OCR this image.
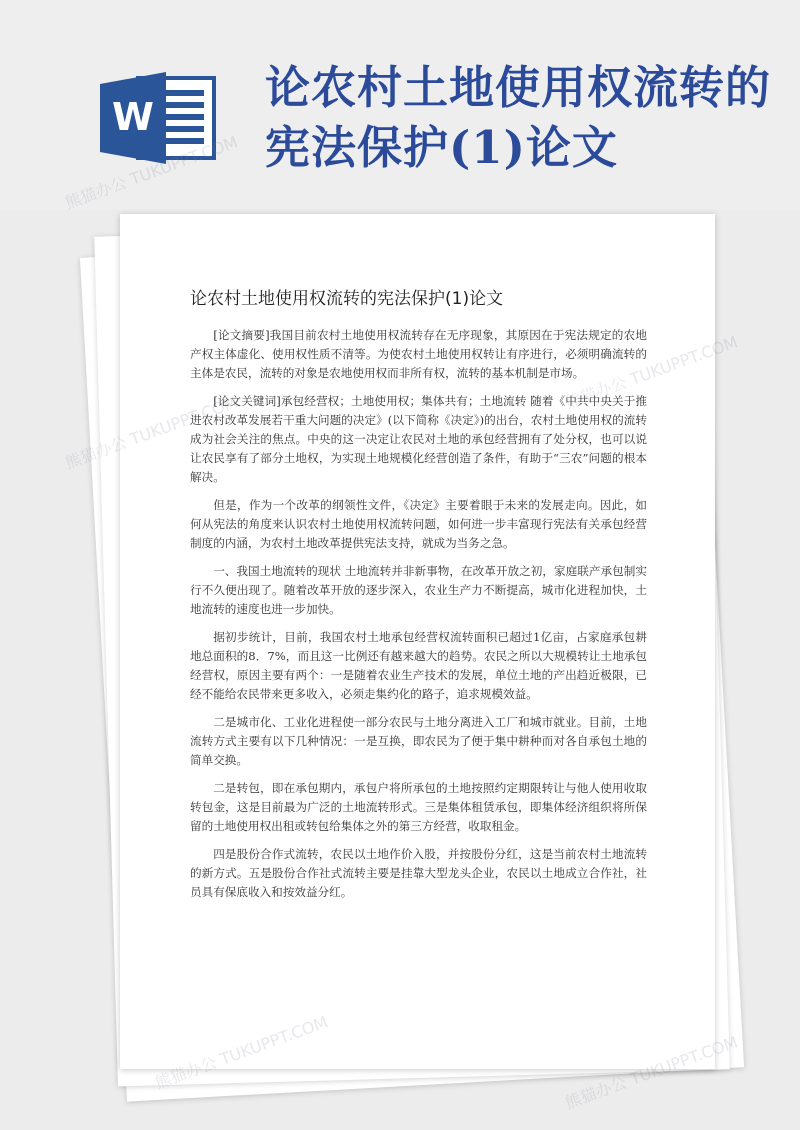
W
论农村土地使用权流转的宪法保护(1)论文
论农村土地使用权流转的宪法保护(1)论文

[论文摘要]我国目前农村土地使用权流转存在无序现象，其原因在于宪法规定的农地产权主体虚化、使用权性质不清等。为使农村土地使用权转让有序进行，必须明确流转的主体是农民，流转的对象是农地使用权而非所有权，流转的基本机制是市场。

[论文关键词]承包经营权；土地使用权；集体共有；土地流转 随着《中共中央关于推进农村改革发展若干重大问题的决定》(以下简称《决定》)的出台，农村土地使用权的流转成为社会关注的焦点。中央的这一决定让农民对土地的承包经营拥有了处分权，也可以说让农民享有了部分土地权，为实现土地规模化经营创造了条件，有助于“三农”问题的根本解决。

但是，作为一个改革的纲领性文件，《决定》主要着眼于未来的发展走向。因此，如何从宪法的角度来认识农村土地使用权流转问题，如何进一步丰富现行宪法有关承包经营制度的内涵，为农村土地改革提供宪法支持，就成为当务之急。

一、我国土地流转的现状 土地流转并非新事物，在改革开放之初，家庭联产承包制实行不久便出现了。随着改革开放的逐步深入，农业生产力不断提高，城市化进程加快，土地流转的速度也进一步加快。

据初步统计，目前，我国农村土地承包经营权流转面积已超过1亿亩，占家庭承包耕地总面积的8．7%，而且这一比例还有越来越大的趋势。农民之所以大规模转让土地承包经营权，原因主要有两个：一是随着农业生产技术的发展，单位土地的产出趋近极限，已经不能给农民带来更多收入，必须走集约化的路子，追求规模效益。

二是城市化、工业化进程使一部分农民与土地分离进入工厂和城市就业。目前，土地流转方式主要有以下几种情况：一是互换，即农民为了便于集中耕种而对各自承包土地的简单交换。

二是转包，即在承包期内，承包户将所承包的土地按照约定期限转让与他人使用收取转包金，这是目前最为广泛的土地流转形式。三是集体租赁承包，即集体经济组织将所保留的土地使用权出租或转包给集体之外的第三方经营，收取租金。

四是股份合作式流转，农民以土地作价入股，并按股份分红，这是当前农村土地流转的新方式。五是股份合作社式流转主要是挂靠大型龙头企业，农民以土地成立合作社，社员具有保底收入和按效益分红。

熊猫办公 TUKUPPT.COM
